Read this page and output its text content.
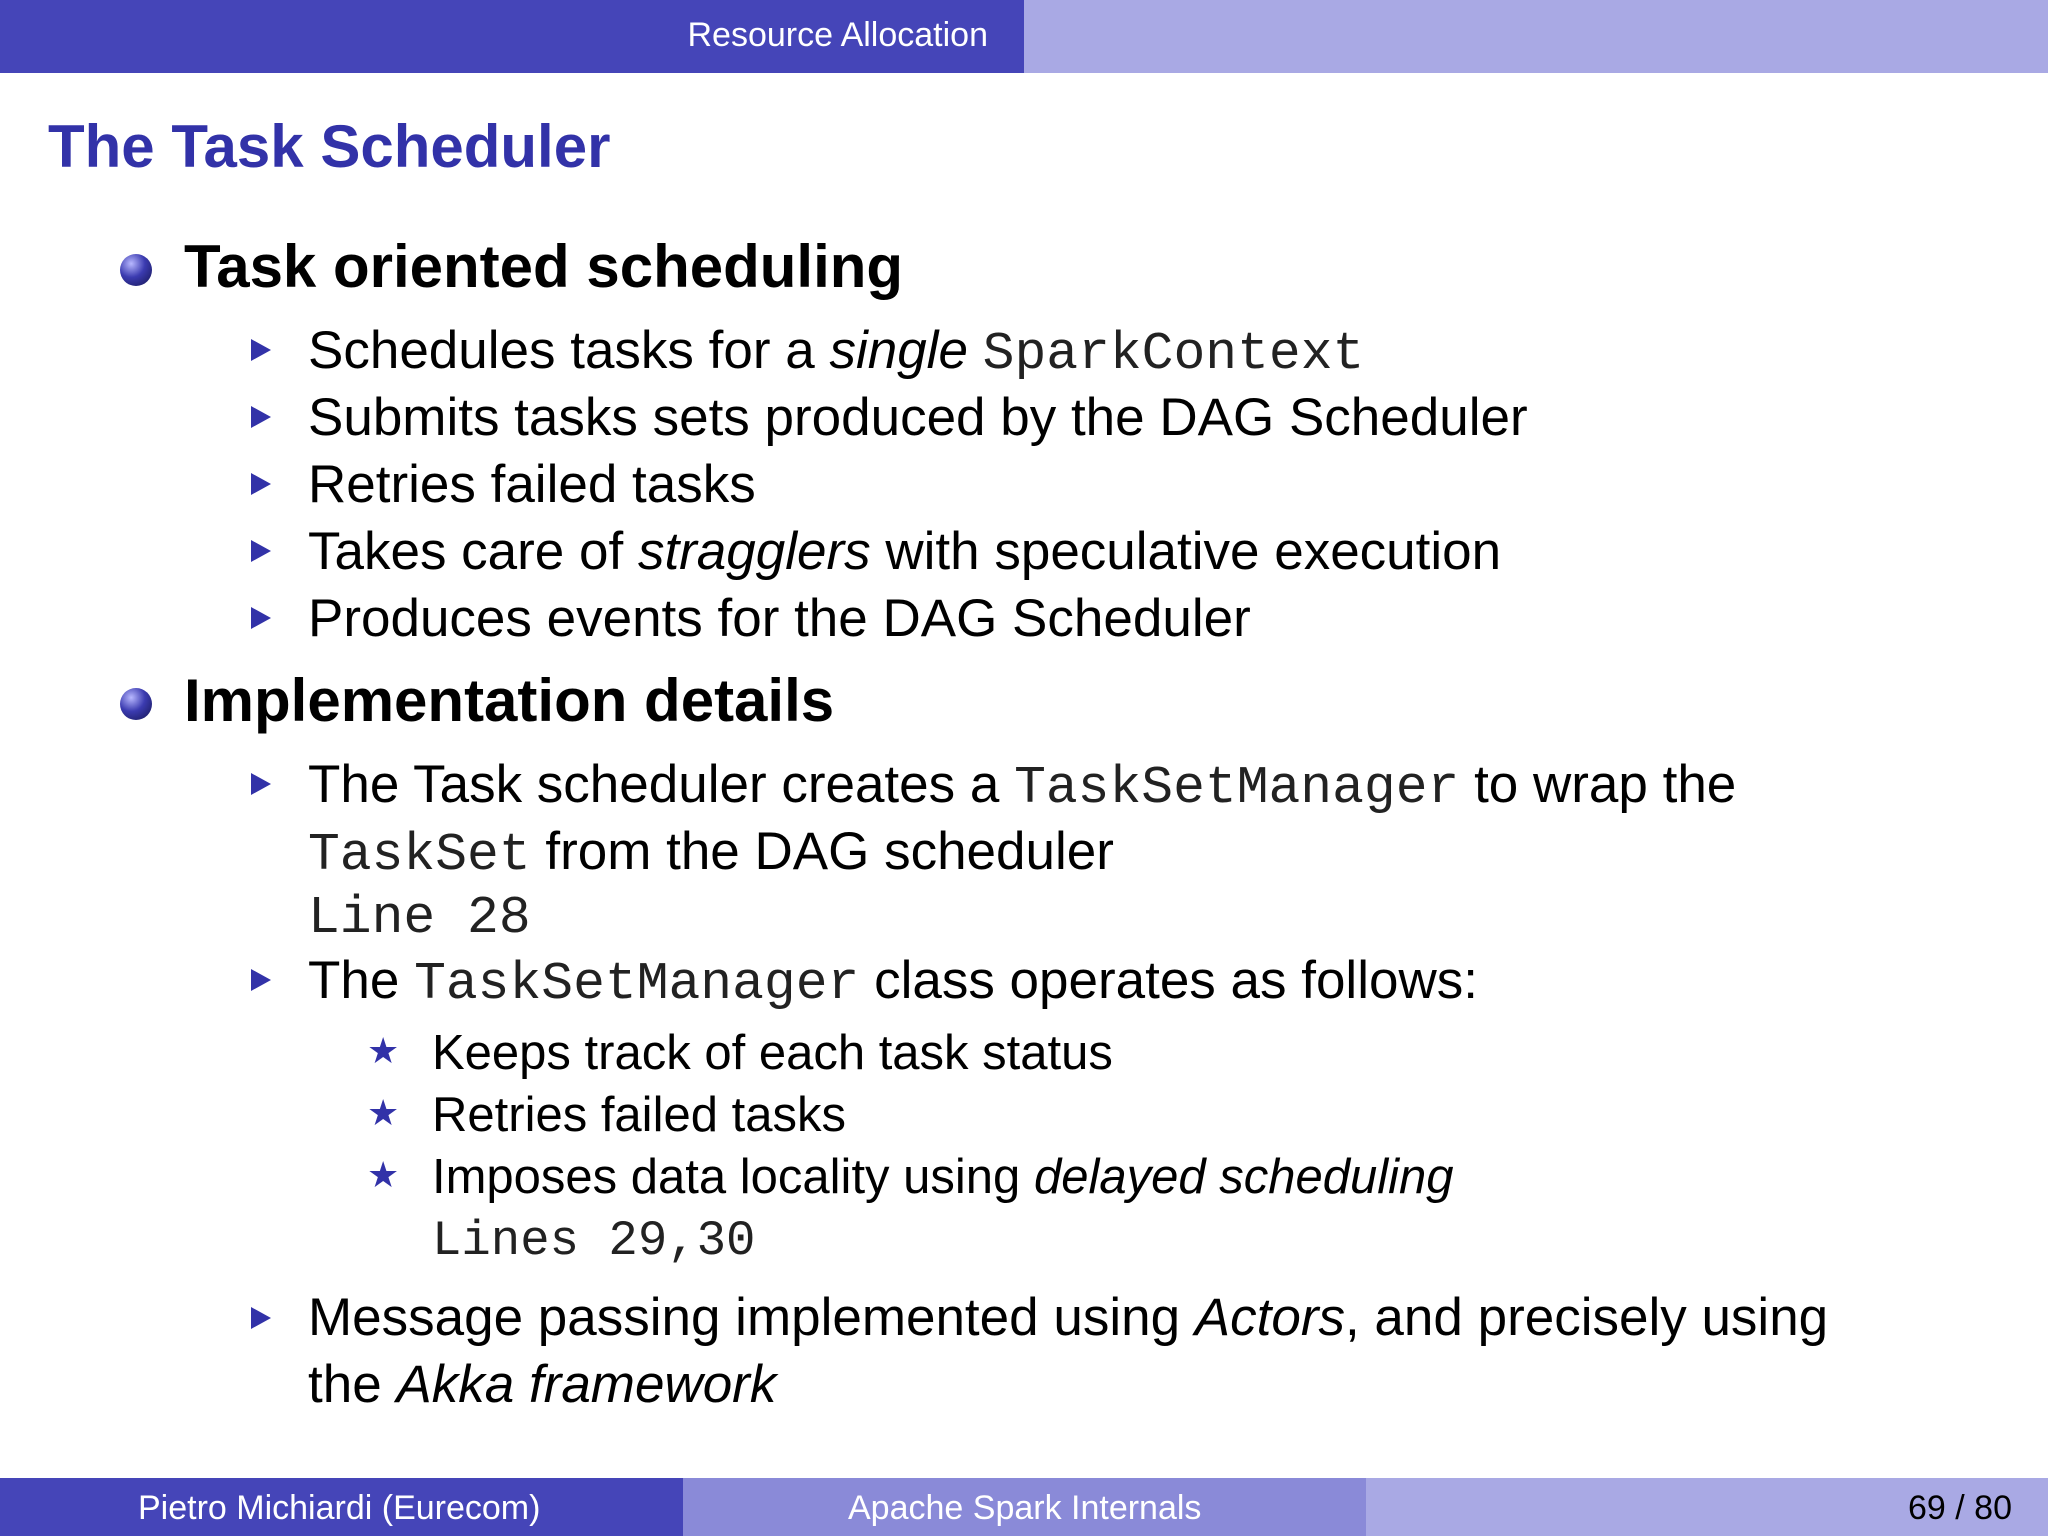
Resource Allocation
The Task Scheduler
Task oriented scheduling
Schedules tasks for a single SparkContext
Submits tasks sets produced by the DAG Scheduler
Retries failed tasks
Takes care of stragglers with speculative execution
Produces events for the DAG Scheduler
Implementation details
The Task scheduler creates a TaskSetManager to wrap the
TaskSet from the DAG scheduler
Line 28
The TaskSetManager class operates as follows:
★ Keeps track of each task status
★ Retries failed tasks
★ Imposes data locality using delayed scheduling
Lines 29,30
Message passing implemented using Actors, and precisely using
the Akka framework
Pietro Michiardi (Eurecom)	Apache Spark Internals	69 / 80
